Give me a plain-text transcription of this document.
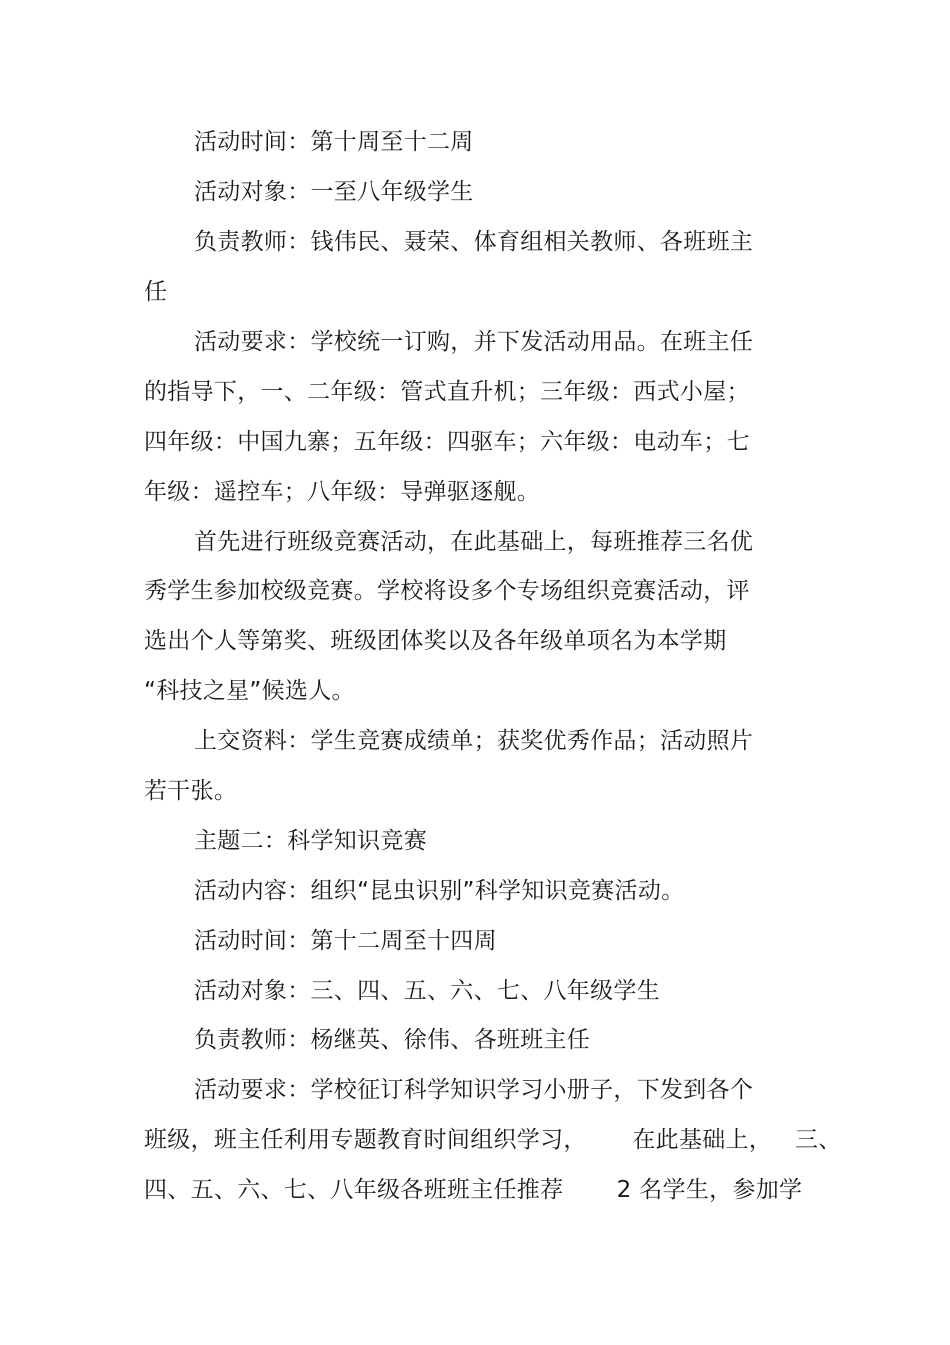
活动时间：第十周至十二周
活动对象：一至八年级学生
负责教师：钱伟民、聂荣、体育组相关教师、各班班主
任
活动要求：学校统一订购，并下发活动用品。在班主任
的指导下，一、二年级：管式直升机；三年级：西式小屋；
四年级：中国九寨；五年级：四驱车；六年级：电动车；七
年级：遥控车；八年级：导弹驱逐舰。
首先进行班级竞赛活动，在此基础上，每班推荐三名优
秀学生参加校级竞赛。学校将设多个专场组织竞赛活动，评
选出个人等第奖、班级团体奖以及各年级单项名为本学期
“科技之星”候选人。
上交资料：学生竞赛成绩单；获奖优秀作品；活动照片
若干张。
主题二：科学知识竞赛
活动内容：组织“昆虫识别”科学知识竞赛活动。
活动时间：第十二周至十四周
活动对象：三、四、五、六、七、八年级学生
负责教师：杨继英、徐伟、各班班主任
活动要求：学校征订科学知识学习小册子，下发到各个
班级，班主任利用专题教育时间组织学习，      在此基础上，   三、
四、五、六、七、八年级各班班主任推荐       2 名学生，参加学
